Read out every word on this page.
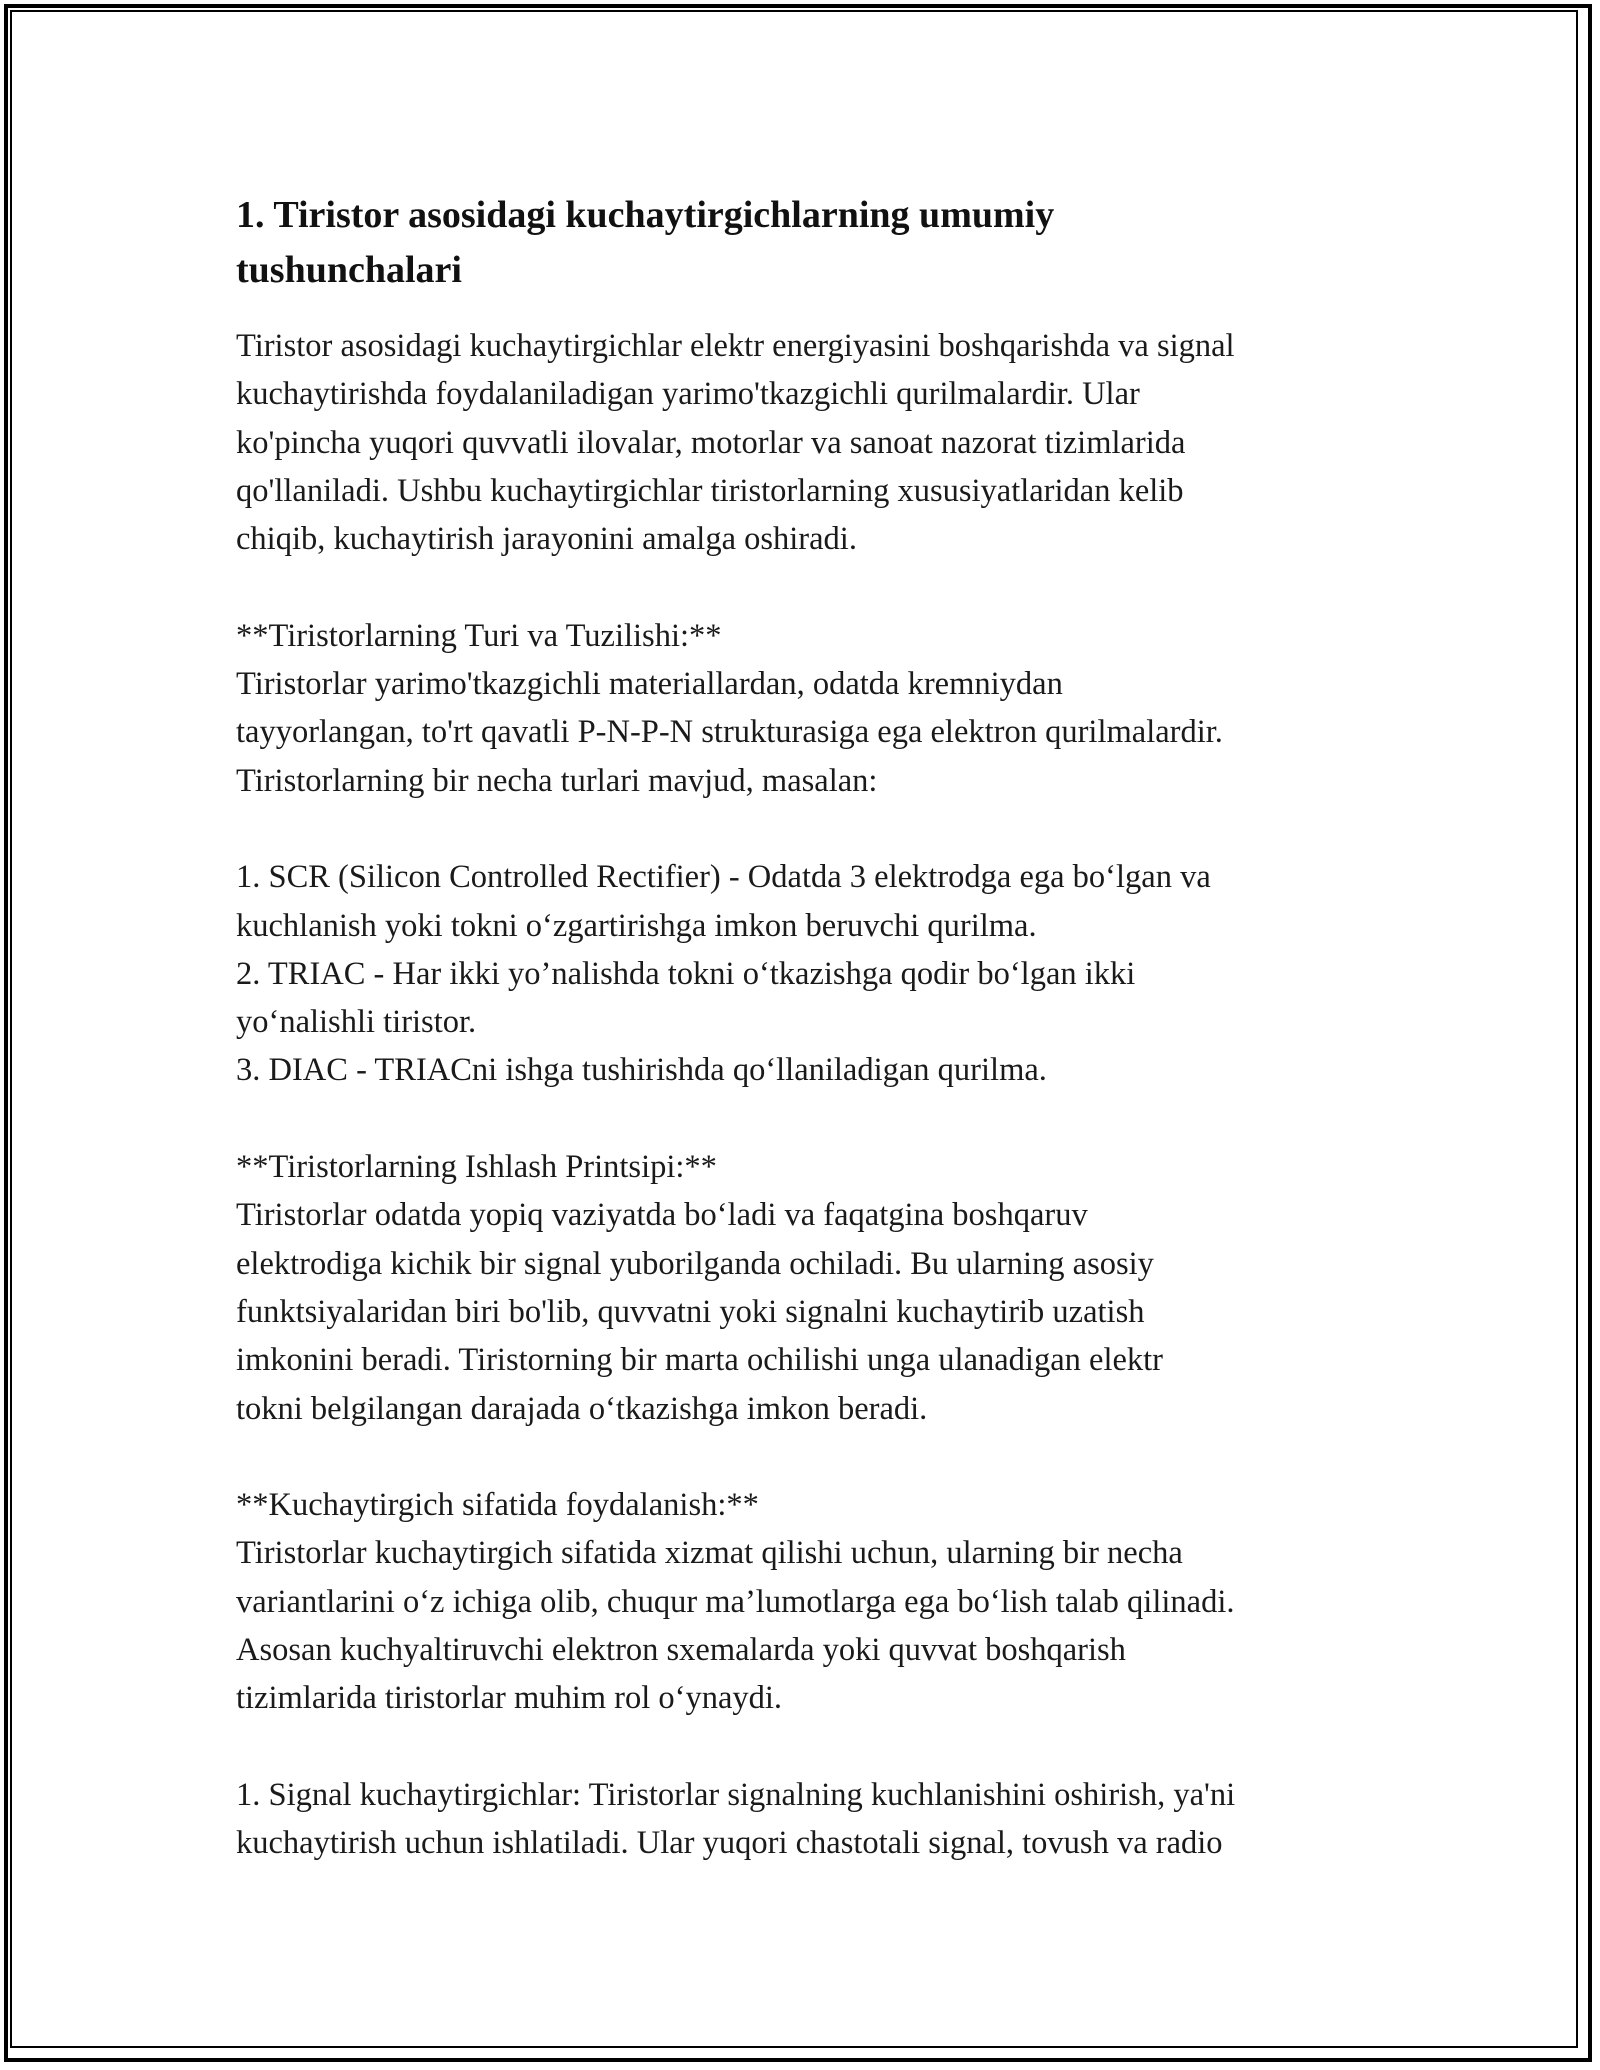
1. Tiristor asosidagi kuchaytirgichlarning umumiy tushunchalari

Tiristor asosidagi kuchaytirgichlar elektr energiyasini boshqarishda va signal
kuchaytirishda foydalaniladigan yarimo'tkazgichli qurilmalardir. Ular
ko'pincha yuqori quvvatli ilovalar, motorlar va sanoat nazorat tizimlarida
qo'llaniladi. Ushbu kuchaytirgichlar tiristorlarning xususiyatlaridan kelib
chiqib, kuchaytirish jarayonini amalga oshiradi.

**Tiristorlarning Turi va Tuzilishi:**
Tiristorlar yarimo'tkazgichli materiallardan, odatda kremniydan
tayyorlangan, to'rt qavatli P-N-P-N strukturasiga ega elektron qurilmalardir.
Tiristorlarning bir necha turlari mavjud, masalan:

1. SCR (Silicon Controlled Rectifier) - Odatda 3 elektrodga ega bo‘lgan va
kuchlanish yoki tokni o‘zgartirishga imkon beruvchi qurilma.
2. TRIAC - Har ikki yo’nalishda tokni o‘tkazishga qodir bo‘lgan ikki
yo‘nalishli tiristor.
3. DIAC - TRIACni ishga tushirishda qo‘llaniladigan qurilma.

**Tiristorlarning Ishlash Printsipi:**
Tiristorlar odatda yopiq vaziyatda bo‘ladi va faqatgina boshqaruv
elektrodiga kichik bir signal yuborilganda ochiladi. Bu ularning asosiy
funktsiyalaridan biri bo'lib, quvvatni yoki signalni kuchaytirib uzatish
imkonini beradi. Tiristorning bir marta ochilishi unga ulanadigan elektr
tokni belgilangan darajada o‘tkazishga imkon beradi.

**Kuchaytirgich sifatida foydalanish:**
Tiristorlar kuchaytirgich sifatida xizmat qilishi uchun, ularning bir necha
variantlarini o‘z ichiga olib, chuqur ma’lumotlarga ega bo‘lish talab qilinadi.
Asosan kuchyaltiruvchi elektron sxemalarda yoki quvvat boshqarish
tizimlarida tiristorlar muhim rol o‘ynaydi.

1. Signal kuchaytirgichlar: Tiristorlar signalning kuchlanishini oshirish, ya'ni
kuchaytirish uchun ishlatiladi. Ular yuqori chastotali signal, tovush va radio
